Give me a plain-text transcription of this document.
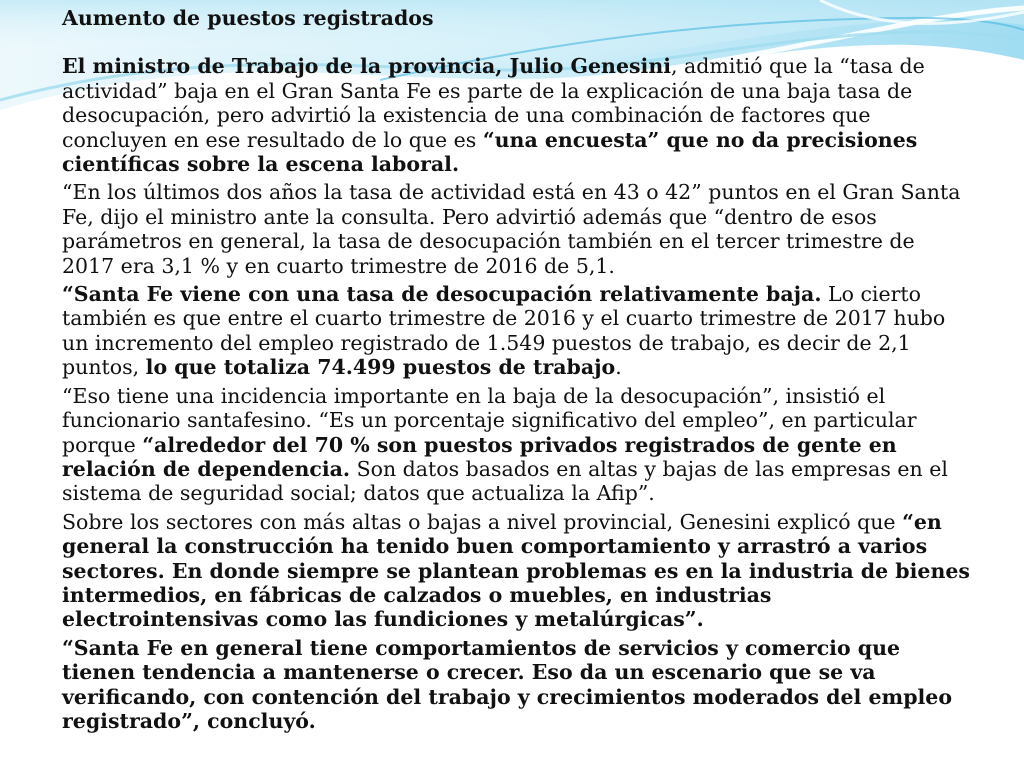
Aumento de puestos registrados

El ministro de Trabajo de la provincia, Julio Genesini, admitió que la “tasa de actividad” baja en el Gran Santa Fe es parte de la explicación de una baja tasa de desocupación, pero advirtió la existencia de una combinación de factores que concluyen en ese resultado de lo que es “una encuesta” que no da precisiones científicas sobre la escena laboral.

“En los últimos dos años la tasa de actividad está en 43 o 42” puntos en el Gran Santa Fe, dijo el ministro ante la consulta. Pero advirtió además que “dentro de esos parámetros en general, la tasa de desocupación también en el tercer trimestre de 2017 era 3,1 % y en cuarto trimestre de 2016 de 5,1.

“Santa Fe viene con una tasa de desocupación relativamente baja. Lo cierto también es que entre el cuarto trimestre de 2016 y el cuarto trimestre de 2017 hubo un incremento del empleo registrado de 1.549 puestos de trabajo, es decir de 2,1 puntos, lo que totaliza 74.499 puestos de trabajo.

“Eso tiene una incidencia importante en la baja de la desocupación”, insistió el funcionario santafesino. “Es un porcentaje significativo del empleo”, en particular porque “alrededor del 70 % son puestos privados registrados de gente en relación de dependencia. Son datos basados en altas y bajas de las empresas en el sistema de seguridad social; datos que actualiza la Afip”.

Sobre los sectores con más altas o bajas a nivel provincial, Genesini explicó que “en general la construcción ha tenido buen comportamiento y arrastró a varios sectores. En donde siempre se plantean problemas es en la industria de bienes intermedios, en fábricas de calzados o muebles, en industrias electrointensivas como las fundiciones y metalúrgicas”.

“Santa Fe en general tiene comportamientos de servicios y comercio que tienen tendencia a mantenerse o crecer. Eso da un escenario que se va verificando, con contención del trabajo y crecimientos moderados del empleo registrado”, concluyó.
